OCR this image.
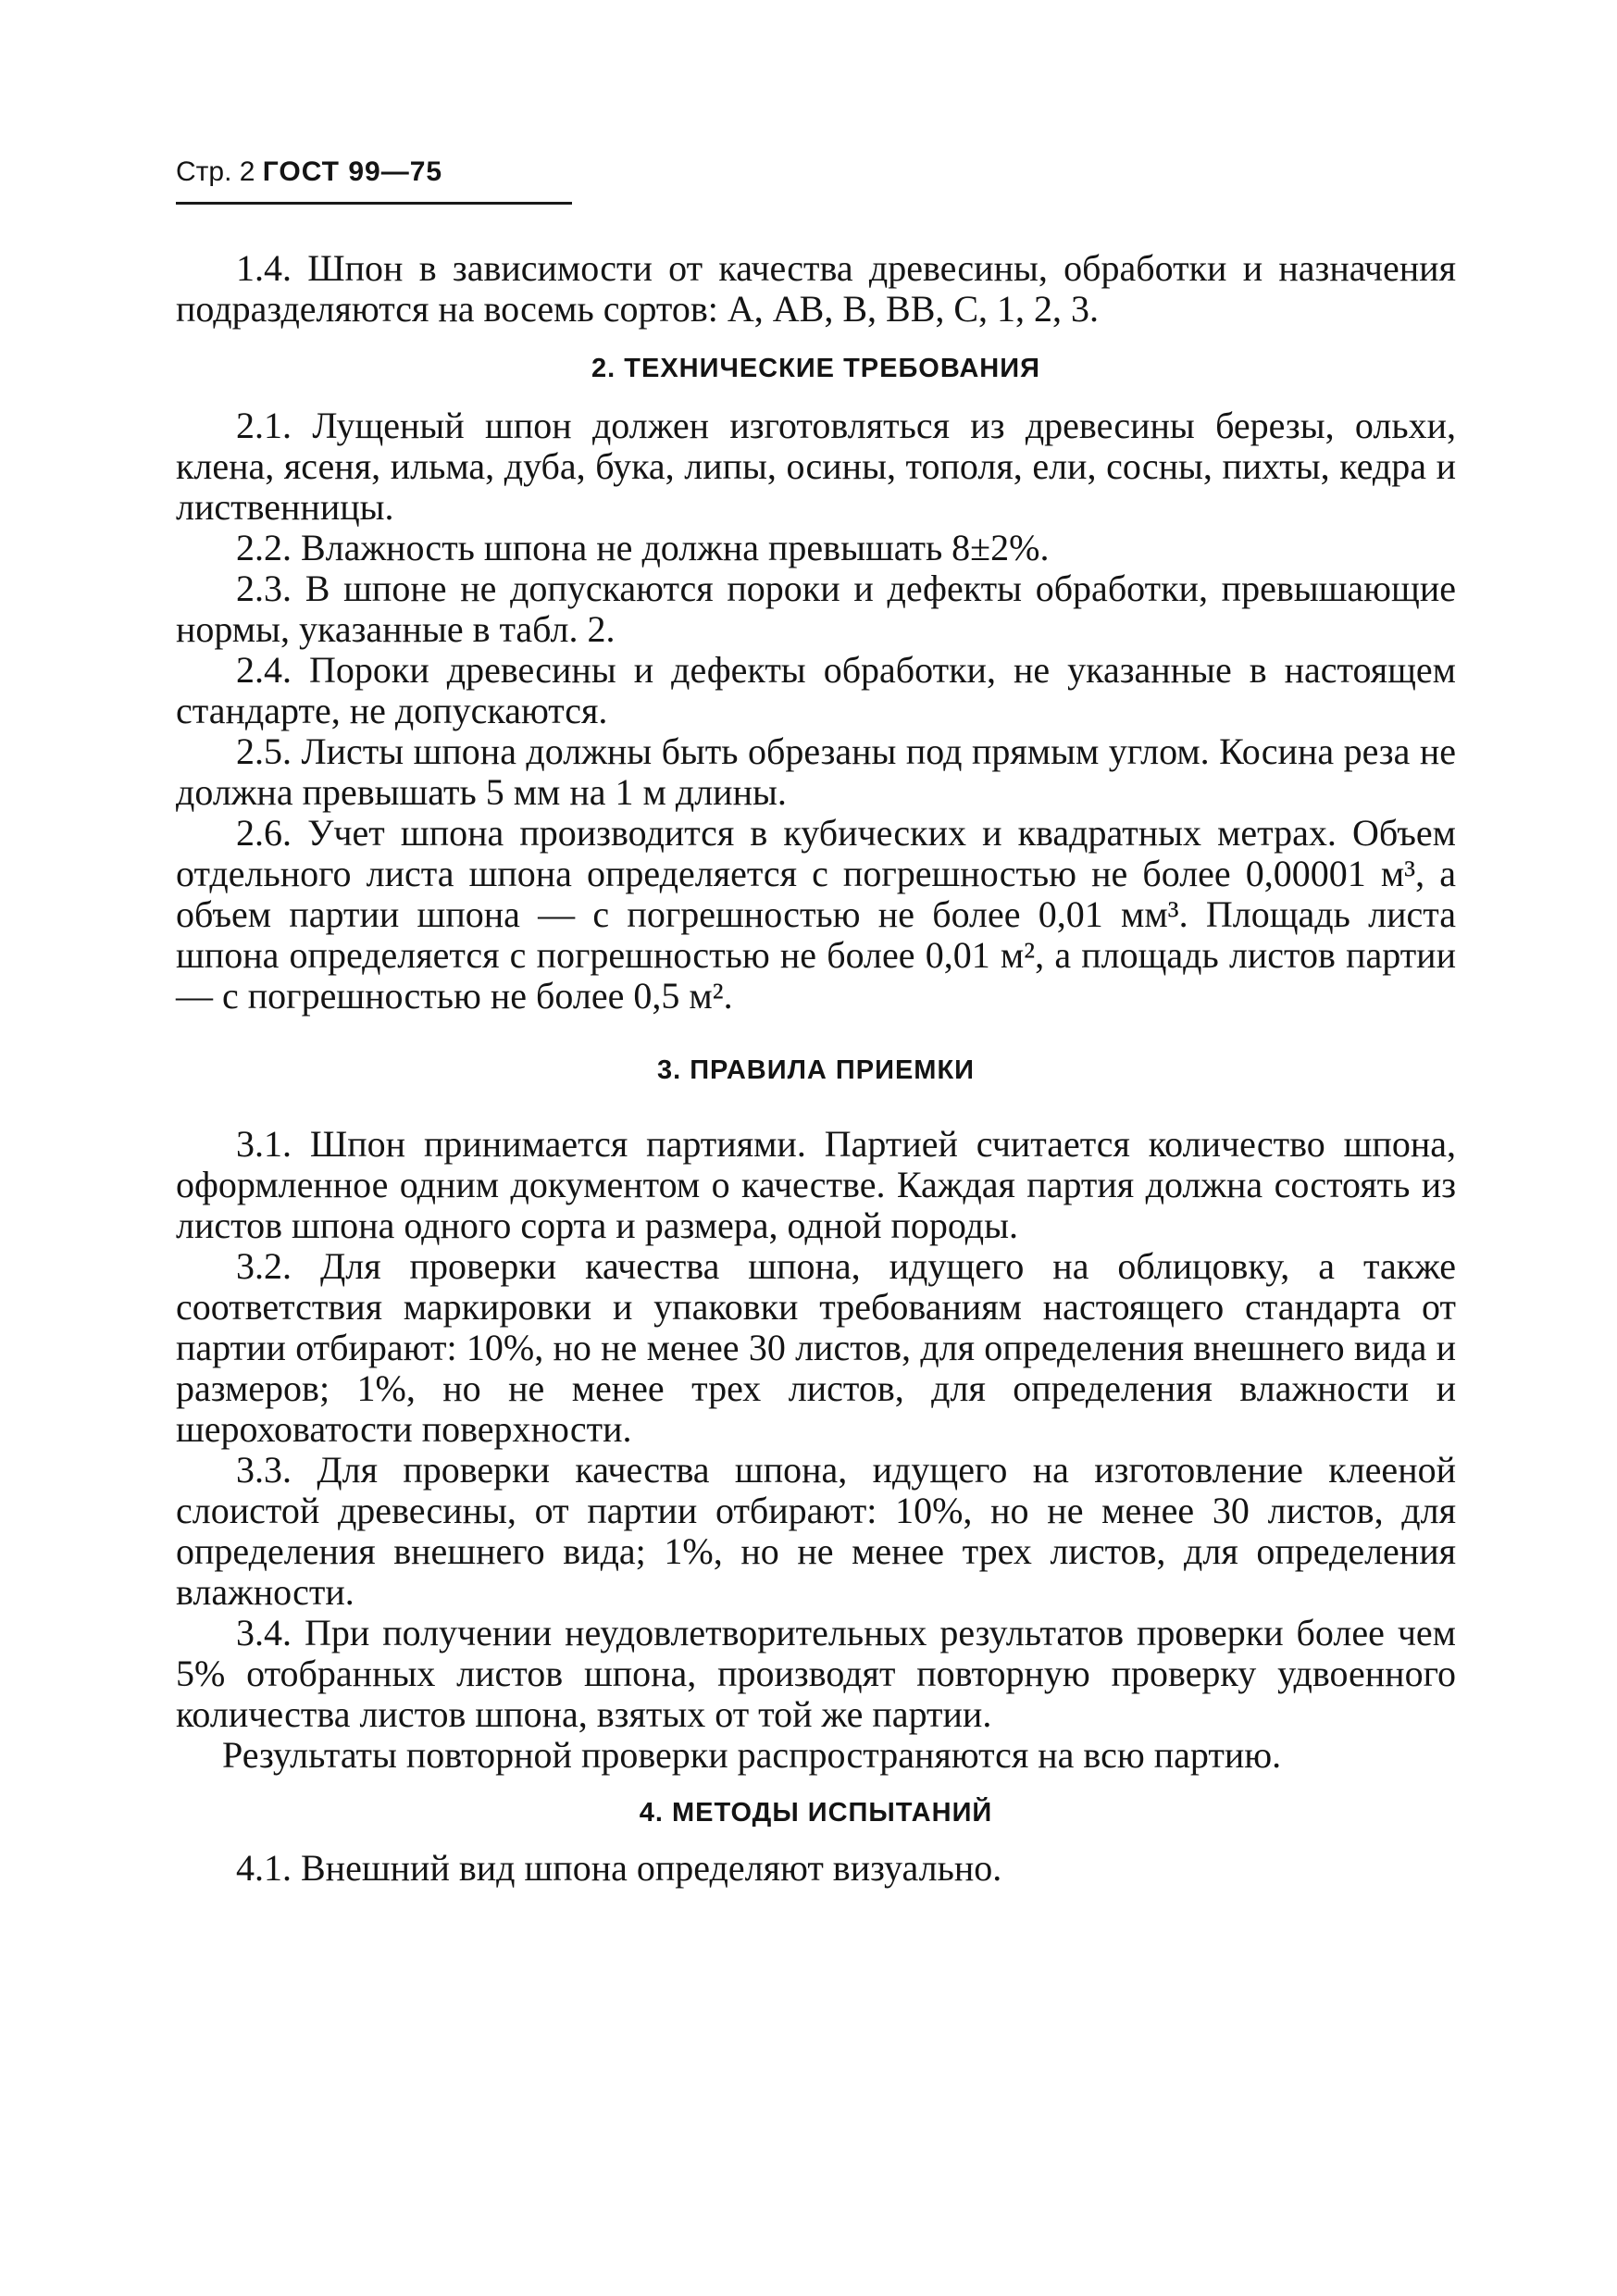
Стр. 2 ГОСТ 99—75

1.4. Шпон в зависимости от качества древесины, обработки и назначения подразделяются на восемь сортов: А, АВ, В, ВВ, С, 1, 2, 3.

2. ТЕХНИЧЕСКИЕ ТРЕБОВАНИЯ

2.1. Лущеный шпон должен изготовляться из древесины березы, ольхи, клена, ясеня, ильма, дуба, бука, липы, осины, тополя, ели, сосны, пихты, кедра и лиственницы.

2.2. Влажность шпона не должна превышать 8±2%.

2.3. В шпоне не допускаются пороки и дефекты обработки, превышающие нормы, указанные в табл. 2.

2.4. Пороки древесины и дефекты обработки, не указанные в настоящем стандарте, не допускаются.

2.5. Листы шпона должны быть обрезаны под прямым углом. Косина реза не должна превышать 5 мм на 1 м длины.

2.6. Учет шпона производится в кубических и квадратных метрах. Объем отдельного листа шпона определяется с погрешностью не более 0,00001 м³, а объем партии шпона — с погрешностью не более 0,01 мм³. Площадь листа шпона определяется с погрешностью не более 0,01 м², а площадь листов партии — с погрешностью не более 0,5 м².

3. ПРАВИЛА ПРИЕМКИ

3.1. Шпон принимается партиями. Партией считается количество шпона, оформленное одним документом о качестве. Каждая партия должна состоять из листов шпона одного сорта и размера, одной породы.

3.2. Для проверки качества шпона, идущего на облицовку, а также соответствия маркировки и упаковки требованиям настоящего стандарта от партии отбирают: 10%, но не менее 30 листов, для определения внешнего вида и размеров; 1%, но не менее трех листов, для определения влажности и шероховатости поверхности.

3.3. Для проверки качества шпона, идущего на изготовление клееной слоистой древесины, от партии отбирают: 10%, но не менее 30 листов, для определения внешнего вида; 1%, но не менее трех листов, для определения влажности.

3.4. При получении неудовлетворительных результатов проверки более чем 5% отобранных листов шпона, производят повторную проверку удвоенного количества листов шпона, взятых от той же партии.

Результаты повторной проверки распространяются на всю партию.

4. МЕТОДЫ ИСПЫТАНИЙ

4.1. Внешний вид шпона определяют визуально.
